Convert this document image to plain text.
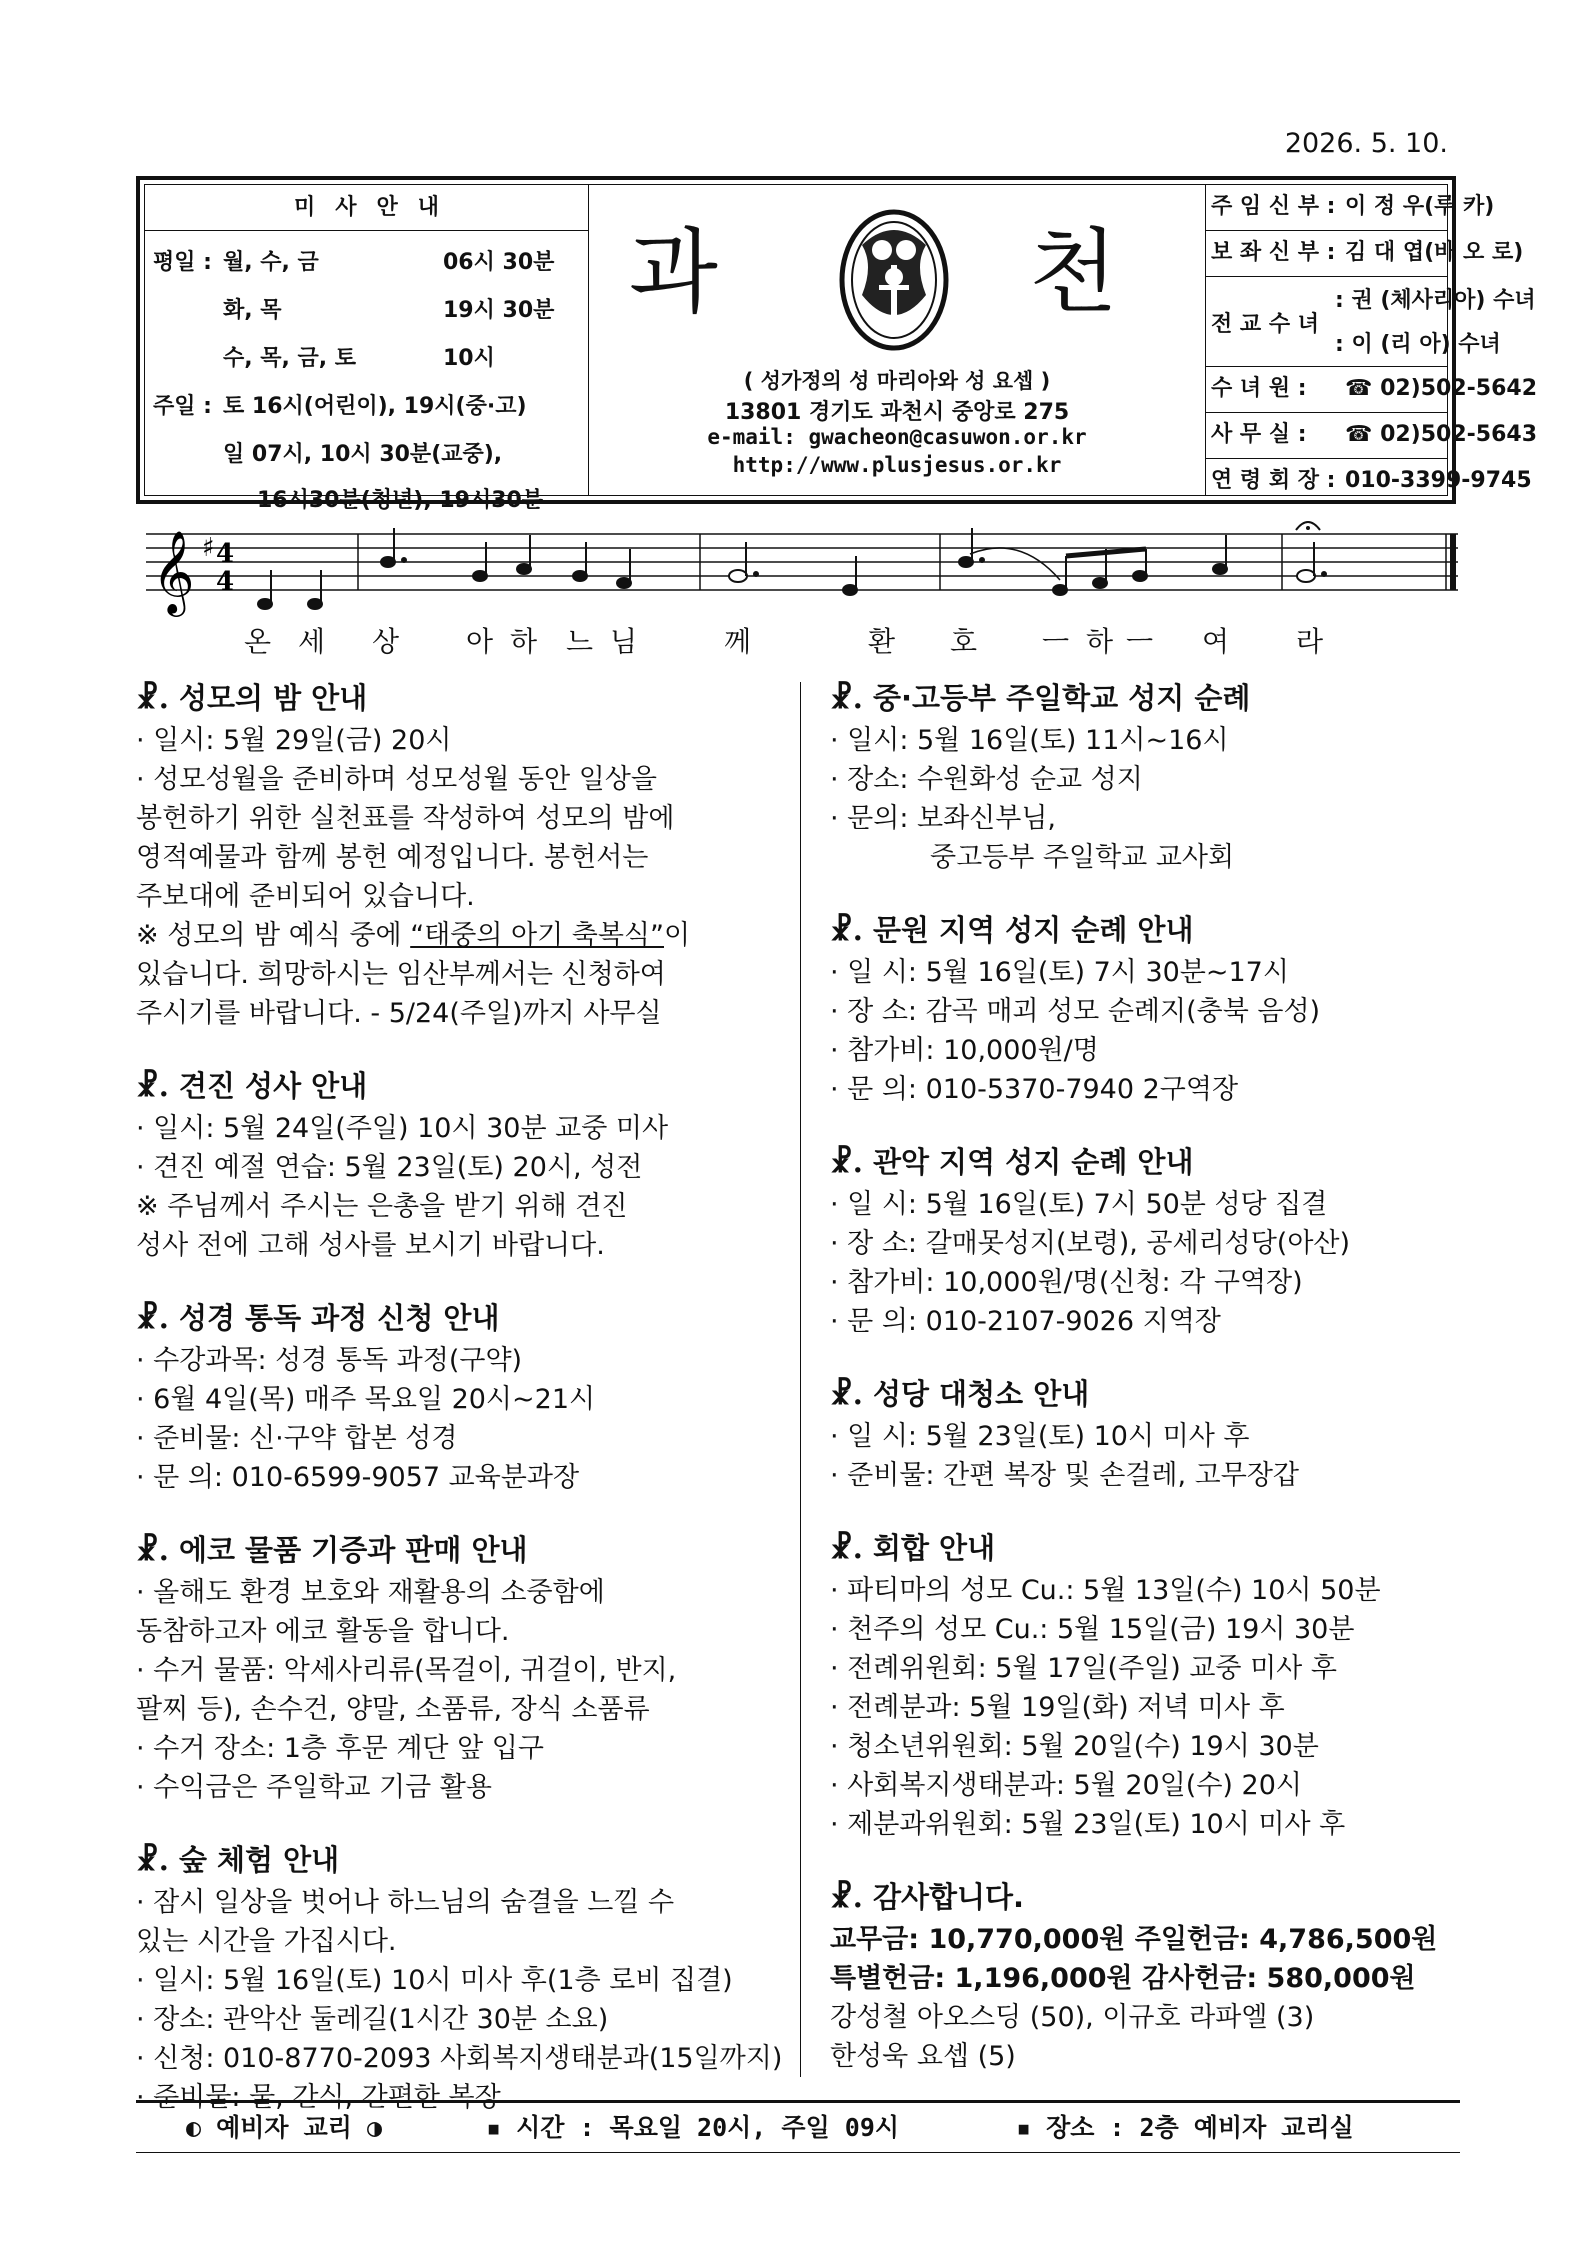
2026. 5. 10.
미사안내
평일 : 월, 수, 금	06시 30분
화, 목	19시 30분
수, 목, 금, 토	10시
주일 : 토 16시(어린이), 19시(중·고)
일 07시, 10시 30분(교중),
16시30분(청년), 19시30분
과	천
( 성가정의 성 마리아와 성 요셉 )
13801 경기도 과천시 중앙로 275
e-mail: gwacheon@casuwon.or.kr
http://www.plusjesus.or.kr
주 임 신 부 : 이 정 우(루 카)
보 좌 신 부 : 김 대 엽(바 오 로)
전 교 수 녀
: 권 (체사리아) 수녀
: 이 (리 아) 수녀
수 녀 원 : ☎ 02)502-5642
사 무 실 : ☎ 02)502-5643
연 령 회 장 : 010-3399-9745
𝄞 ♯ 4
4
온 세 상 아 하 느 님	께	환 호 ㅡ 하 ㅡ 여 라
☧. 성모의 밤 안내
· 일시: 5월 29일(금) 20시
· 성모성월을 준비하며 성모성월 동안 일상을
봉헌하기 위한 실천표를 작성하여 성모의 밤에
영적예물과 함께 봉헌 예정입니다. 봉헌서는
주보대에 준비되어 있습니다.
※ 성모의 밤 예식 중에 “태중의 아기 축복식”이
있습니다. 희망하시는 임산부께서는 신청하여
주시기를 바랍니다. - 5/24(주일)까지 사무실
☧. 견진 성사 안내
· 일시: 5월 24일(주일) 10시 30분 교중 미사
· 견진 예절 연습: 5월 23일(토) 20시, 성전
※ 주님께서 주시는 은총을 받기 위해 견진
성사 전에 고해 성사를 보시기 바랍니다.
☧. 성경 통독 과정 신청 안내
· 수강과목: 성경 통독 과정(구약)
· 6월 4일(목) 매주 목요일 20시~21시
· 준비물: 신·구약 합본 성경
· 문 의: 010-6599-9057 교육분과장
☧. 에코 물품 기증과 판매 안내
· 올해도 환경 보호와 재활용의 소중함에
동참하고자 에코 활동을 합니다.
· 수거 물품: 악세사리류(목걸이, 귀걸이, 반지,
팔찌 등), 손수건, 양말, 소품류, 장식 소품류
· 수거 장소: 1층 후문 계단 앞 입구
· 수익금은 주일학교 기금 활용
☧. 숲 체험 안내
· 잠시 일상을 벗어나 하느님의 숨결을 느낄 수
있는 시간을 가집시다.
· 일시: 5월 16일(토) 10시 미사 후(1층 로비 집결)
· 장소: 관악산 둘레길(1시간 30분 소요)
· 신청: 010-8770-2093 사회복지생태분과(15일까지)
· 준비물: 물, 간식, 간편한 복장
☧. 중·고등부 주일학교 성지 순례
· 일시: 5월 16일(토) 11시~16시
· 장소: 수원화성 순교 성지
· 문의: 보좌신부님,
중고등부 주일학교 교사회
☧. 문원 지역 성지 순례 안내
· 일 시: 5월 16일(토) 7시 30분~17시
· 장 소: 감곡 매괴 성모 순례지(충북 음성)
· 참가비: 10,000원/명
· 문 의: 010-5370-7940 2구역장
☧. 관악 지역 성지 순례 안내
· 일 시: 5월 16일(토) 7시 50분 성당 집결
· 장 소: 갈매못성지(보령), 공세리성당(아산)
· 참가비: 10,000원/명(신청: 각 구역장)
· 문 의: 010-2107-9026 지역장
☧. 성당 대청소 안내
· 일 시: 5월 23일(토) 10시 미사 후
· 준비물: 간편 복장 및 손걸레, 고무장갑
☧. 회합 안내
· 파티마의 성모 Cu.: 5월 13일(수) 10시 50분
· 천주의 성모 Cu.: 5월 15일(금) 19시 30분
· 전례위원회: 5월 17일(주일) 교중 미사 후
· 전례분과: 5월 19일(화) 저녁 미사 후
· 청소년위원회: 5월 20일(수) 19시 30분
· 사회복지생태분과: 5월 20일(수) 20시
· 제분과위원회: 5월 23일(토) 10시 미사 후
☧. 감사합니다.
교무금: 10,770,000원 주일헌금: 4,786,500원
특별헌금: 1,196,000원 감사헌금: 580,000원
강성철 아오스딩 (50), 이규호 라파엘 (3)
한성욱 요셉 (5)
◐ 예비자 교리 ◑	▪ 시간 : 목요일 20시, 주일 09시	▪ 장소 : 2층 예비자 교리실
